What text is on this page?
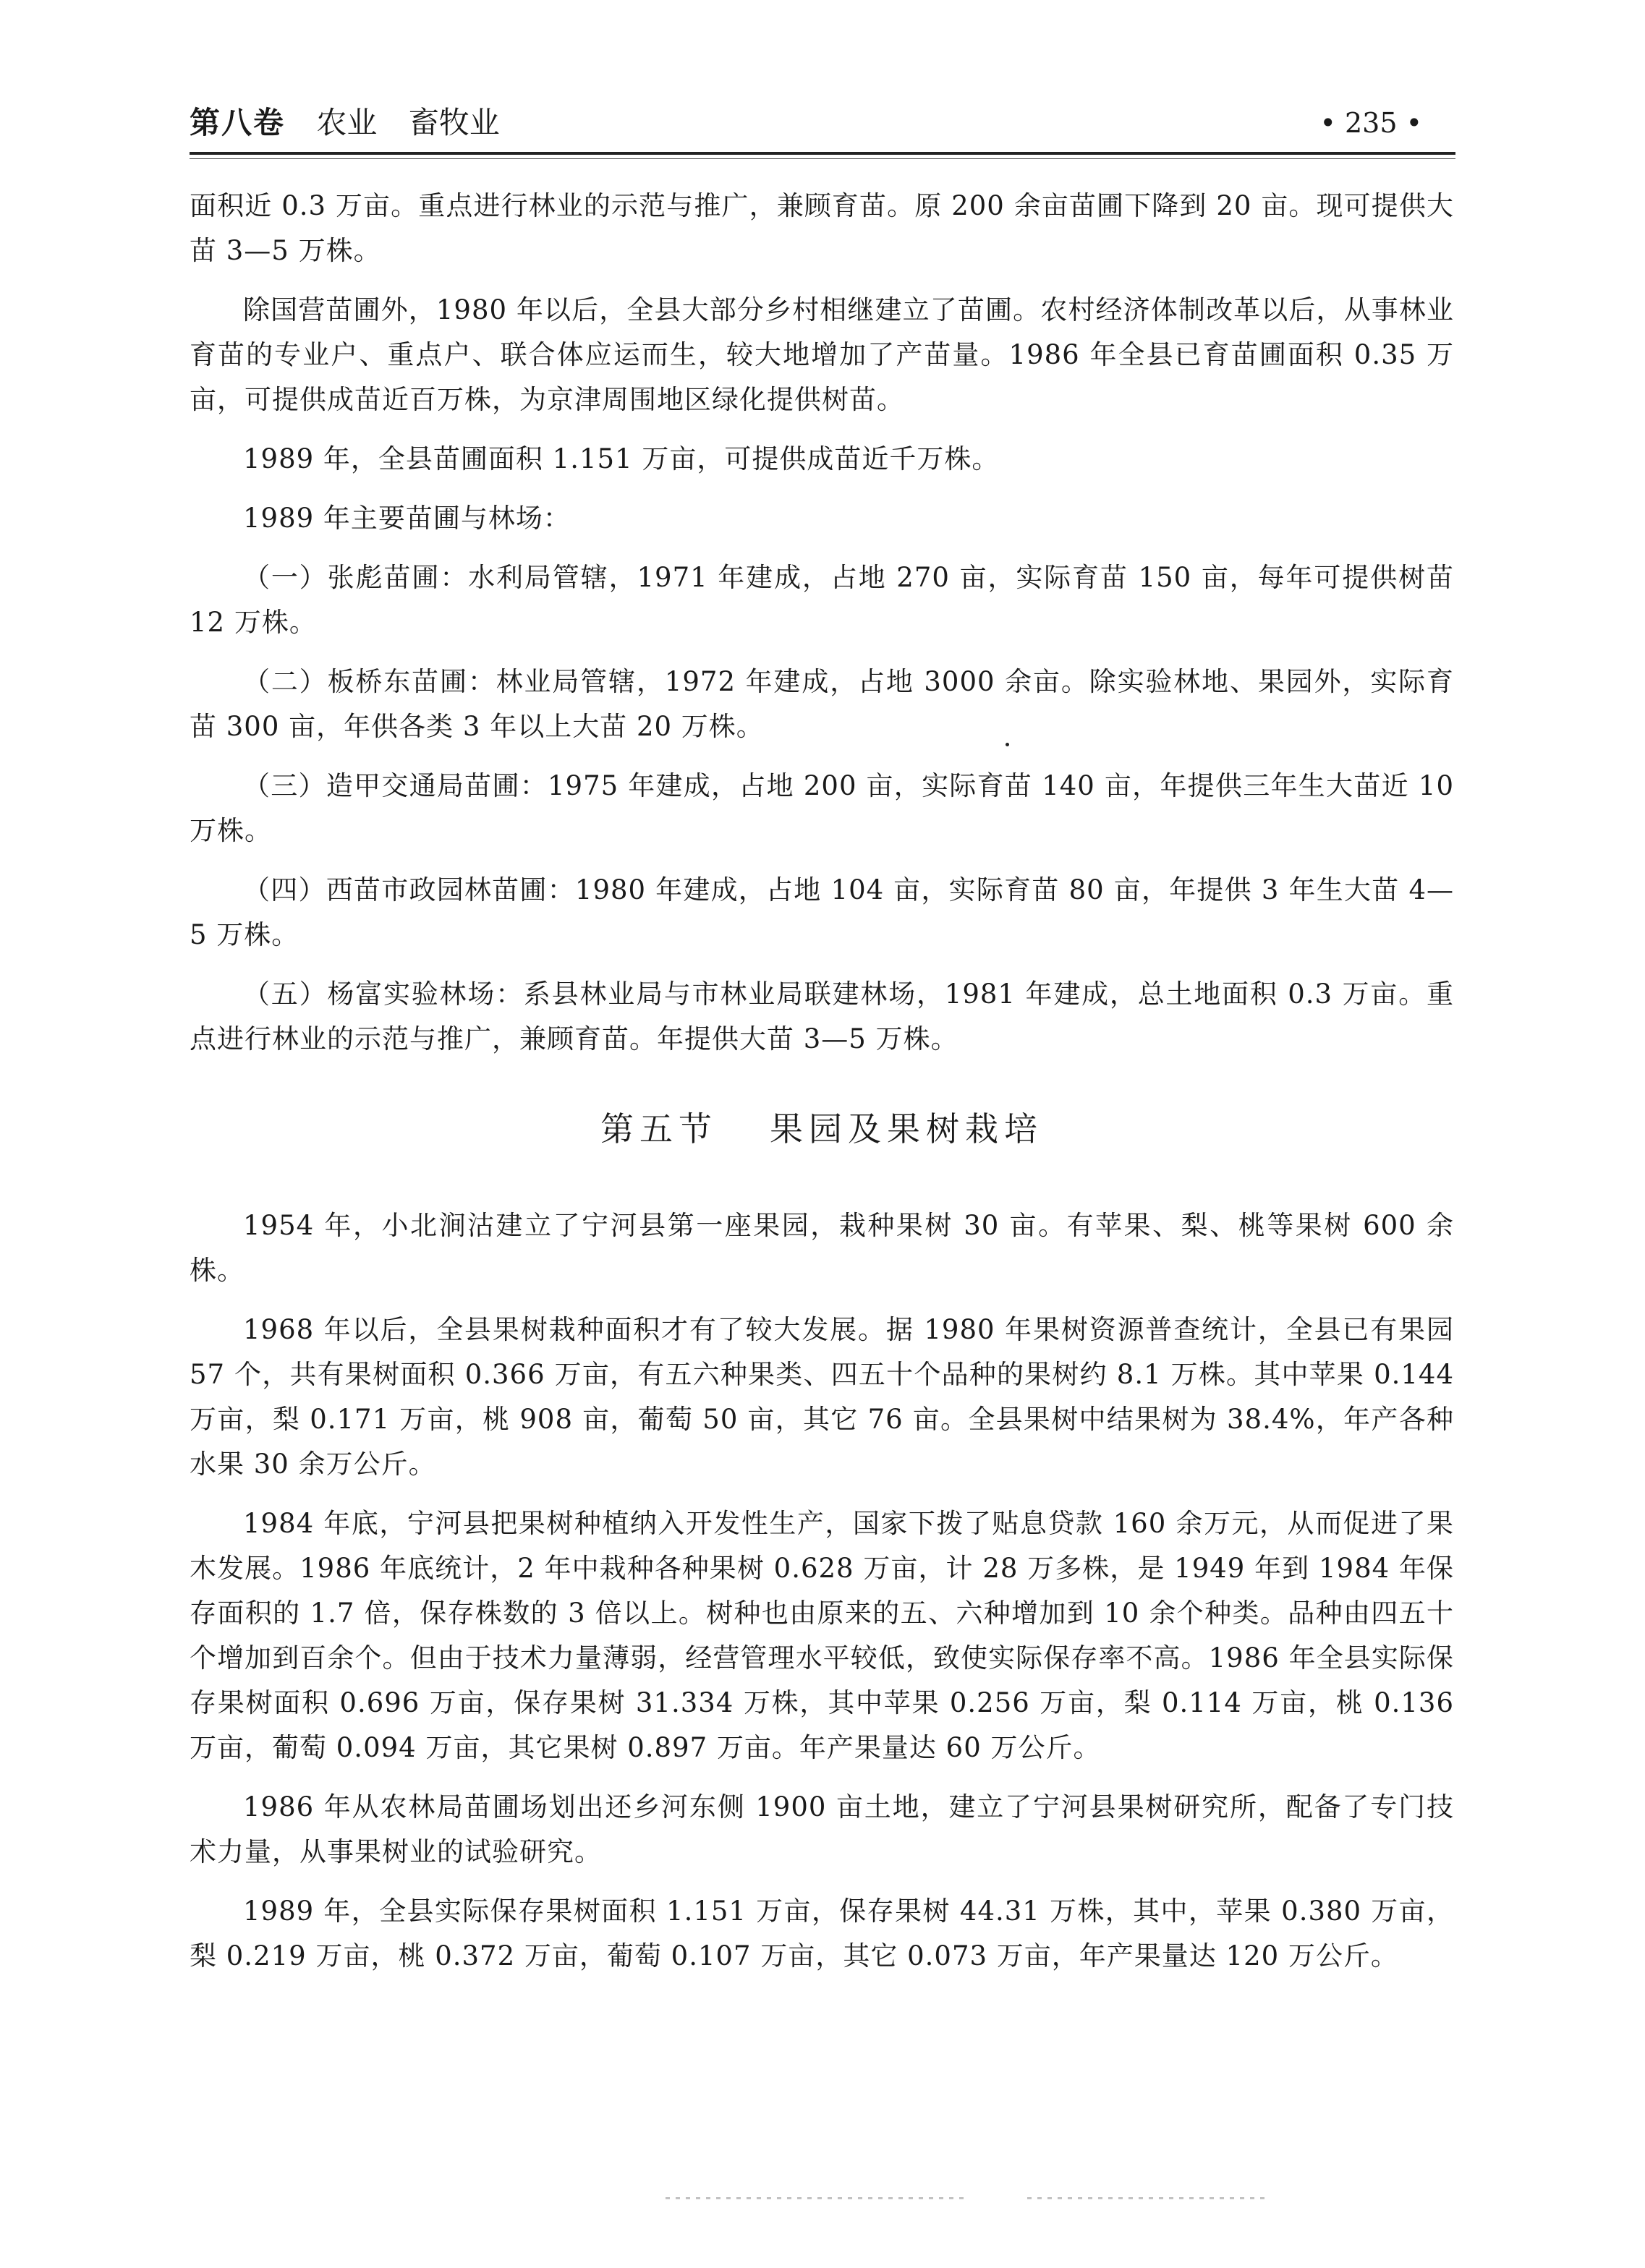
第八卷 农业 畜牧业	• 235 •

面积近 0.3 万亩。重点进行林业的示范与推广，兼顾育苗。原 200 余亩苗圃下降到 20 亩。现可提供大苗 3—5 万株。

除国营苗圃外，1980 年以后，全县大部分乡村相继建立了苗圃。农村经济体制改革以后，从事林业育苗的专业户、重点户、联合体应运而生，较大地增加了产苗量。1986 年全县已育苗圃面积 0.35 万亩，可提供成苗近百万株，为京津周围地区绿化提供树苗。

1989 年，全县苗圃面积 1.151 万亩，可提供成苗近千万株。

1989 年主要苗圃与林场：

（一）张彪苗圃：水利局管辖，1971 年建成，占地 270 亩，实际育苗 150 亩，每年可提供树苗 12 万株。

（二）板桥东苗圃：林业局管辖，1972 年建成，占地 3000 余亩。除实验林地、果园外，实际育苗 300 亩，年供各类 3 年以上大苗 20 万株。

（三）造甲交通局苗圃：1975 年建成，占地 200 亩，实际育苗 140 亩，年提供三年生大苗近 10 万株。

（四）西苗市政园林苗圃：1980 年建成，占地 104 亩，实际育苗 80 亩，年提供 3 年生大苗 4—5 万株。

（五）杨富实验林场：系县林业局与市林业局联建林场，1981 年建成，总土地面积 0.3 万亩。重点进行林业的示范与推广，兼顾育苗。年提供大苗 3—5 万株。

第五节 果园及果树栽培

1954 年，小北涧沽建立了宁河县第一座果园，栽种果树 30 亩。有苹果、梨、桃等果树 600 余株。

1968 年以后，全县果树栽种面积才有了较大发展。据 1980 年果树资源普查统计，全县已有果园 57 个，共有果树面积 0.366 万亩，有五六种果类、四五十个品种的果树约 8.1 万株。其中苹果 0.144 万亩，梨 0.171 万亩，桃 908 亩，葡萄 50 亩，其它 76 亩。全县果树中结果树为 38.4%，年产各种水果 30 余万公斤。

1984 年底，宁河县把果树种植纳入开发性生产，国家下拨了贴息贷款 160 余万元，从而促进了果木发展。1986 年底统计，2 年中栽种各种果树 0.628 万亩，计 28 万多株，是 1949 年到 1984 年保存面积的 1.7 倍，保存株数的 3 倍以上。树种也由原来的五、六种增加到 10 余个种类。品种由四五十个增加到百余个。但由于技术力量薄弱，经营管理水平较低，致使实际保存率不高。1986 年全县实际保存果树面积 0.696 万亩，保存果树 31.334 万株，其中苹果 0.256 万亩，梨 0.114 万亩，桃 0.136 万亩，葡萄 0.094 万亩，其它果树 0.897 万亩。年产果量达 60 万公斤。

1986 年从农林局苗圃场划出还乡河东侧 1900 亩土地，建立了宁河县果树研究所，配备了专门技术力量，从事果树业的试验研究。

1989 年，全县实际保存果树面积 1.151 万亩，保存果树 44.31 万株，其中，苹果 0.380 万亩，梨 0.219 万亩，桃 0.372 万亩，葡萄 0.107 万亩，其它 0.073 万亩，年产果量达 120 万公斤。
